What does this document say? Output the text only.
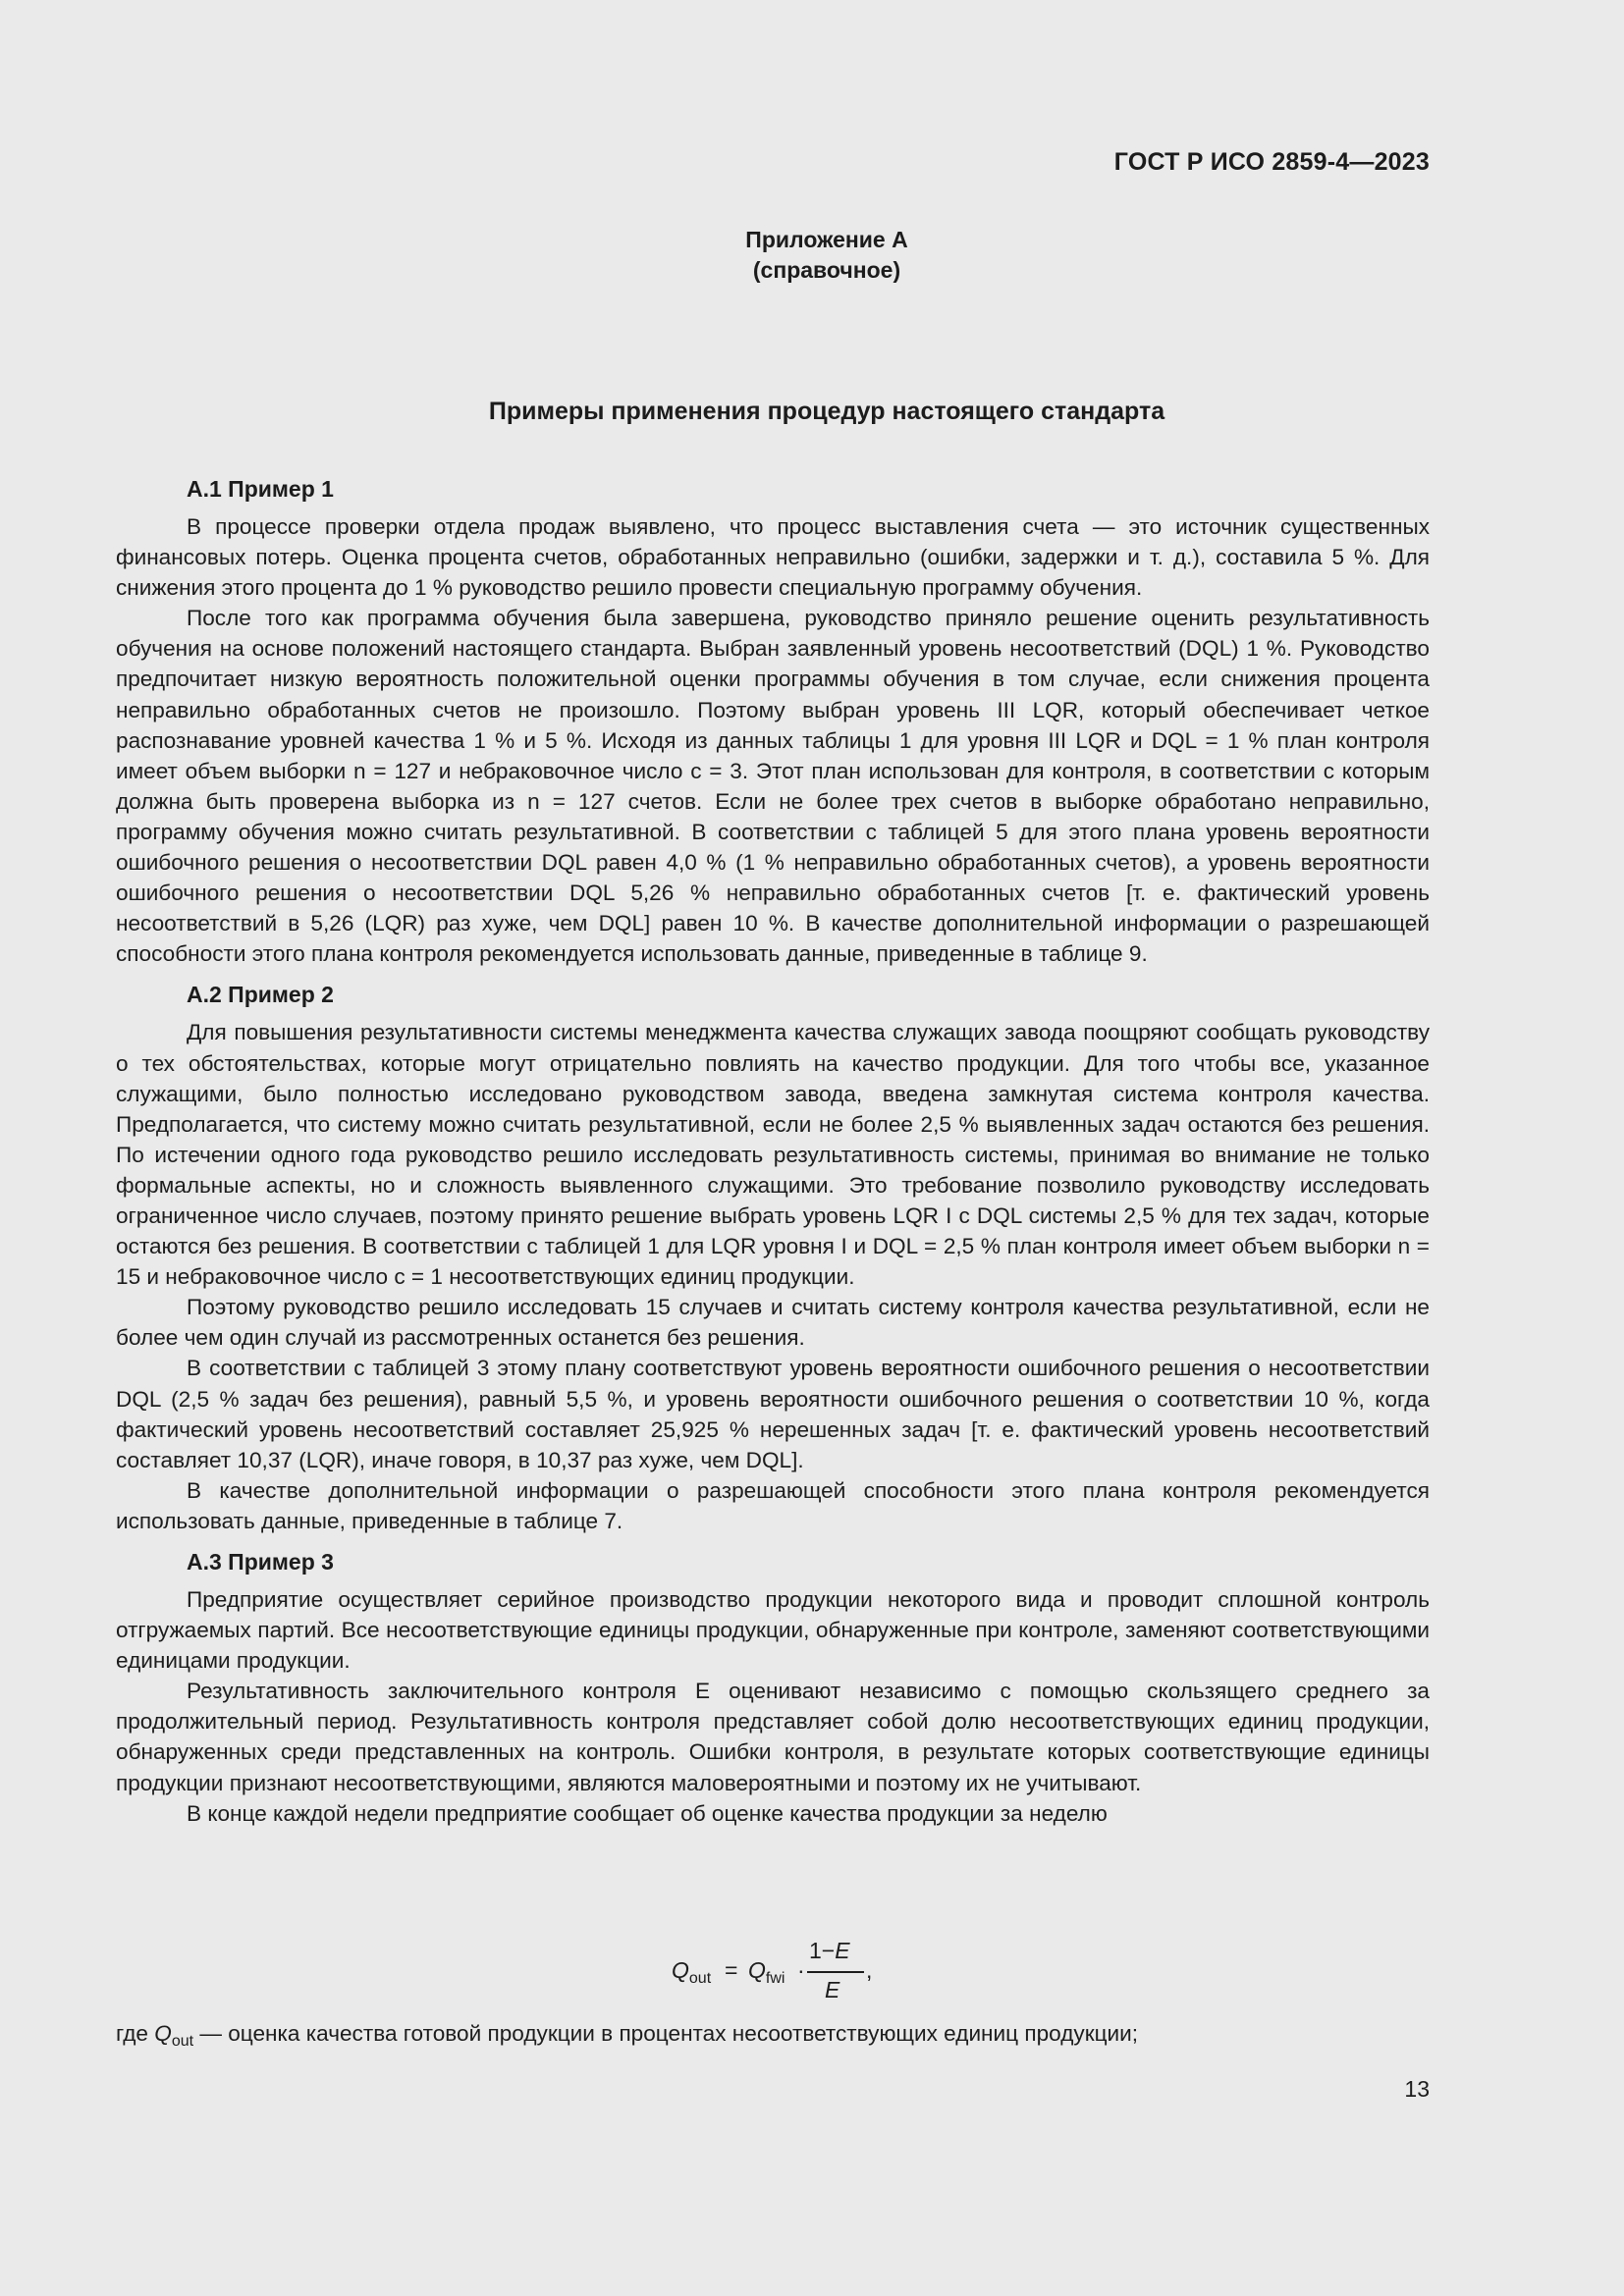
ГОСТ Р ИСО 2859-4—2023
Приложение А
(справочное)
Примеры применения процедур настоящего стандарта
А.1 Пример 1

В процессе проверки отдела продаж выявлено, что процесс выставления счета — это источник существенных финансовых потерь. Оценка процента счетов, обработанных неправильно (ошибки, задержки и т. д.), составила 5 %. Для снижения этого процента до 1 % руководство решило провести специальную программу обучения.

После того как программа обучения была завершена, руководство приняло решение оценить результативность обучения на основе положений настоящего стандарта. Выбран заявленный уровень несоответствий (DQL) 1 %. Руководство предпочитает низкую вероятность положительной оценки программы обучения в том случае, если снижения процента неправильно обработанных счетов не произошло. Поэтому выбран уровень III LQR, который обеспечивает четкое распознавание уровней качества 1 % и 5 %. Исходя из данных таблицы 1 для уровня III LQR и DQL = 1 % план контроля имеет объем выборки n = 127 и небраковочное число c = 3. Этот план использован для контроля, в соответствии с которым должна быть проверена выборка из n = 127 счетов. Если не более трех счетов в выборке обработано неправильно, программу обучения можно считать результативной. В соответствии с таблицей 5 для этого плана уровень вероятности ошибочного решения о несоответствии DQL равен 4,0 % (1 % неправильно обработанных счетов), а уровень вероятности ошибочного решения о несоответствии DQL 5,26 % неправильно обработанных счетов [т. е. фактический уровень несоответствий в 5,26 (LQR) раз хуже, чем DQL] равен 10 %. В качестве дополнительной информации о разрешающей способности этого плана контроля рекомендуется использовать данные, приведенные в таблице 9.

А.2 Пример 2

Для повышения результативности системы менеджмента качества служащих завода поощряют сообщать руководству о тех обстоятельствах, которые могут отрицательно повлиять на качество продукции. Для того чтобы все, указанное служащими, было полностью исследовано руководством завода, введена замкнутая система контроля качества. Предполагается, что систему можно считать результативной, если не более 2,5 % выявленных задач остаются без решения. По истечении одного года руководство решило исследовать результативность системы, принимая во внимание не только формальные аспекты, но и сложность выявленного служащими. Это требование позволило руководству исследовать ограниченное число случаев, поэтому принято решение выбрать уровень LQR I с DQL системы 2,5 % для тех задач, которые остаются без решения. В соответствии с таблицей 1 для LQR уровня I и DQL = 2,5 % план контроля имеет объем выборки n = 15 и небраковочное число c = 1 несоответствующих единиц продукции.

Поэтому руководство решило исследовать 15 случаев и считать систему контроля качества результативной, если не более чем один случай из рассмотренных останется без решения.

В соответствии с таблицей 3 этому плану соответствуют уровень вероятности ошибочного решения о несоответствии DQL (2,5 % задач без решения), равный 5,5 %, и уровень вероятности ошибочного решения о соответствии 10 %, когда фактический уровень несоответствий составляет 25,925 % нерешенных задач [т. е. фактический уровень несоответствий составляет 10,37 (LQR), иначе говоря, в 10,37 раз хуже, чем DQL].

В качестве дополнительной информации о разрешающей способности этого плана контроля рекомендуется использовать данные, приведенные в таблице 7.

А.3 Пример 3

Предприятие осуществляет серийное производство продукции некоторого вида и проводит сплошной контроль отгружаемых партий. Все несоответствующие единицы продукции, обнаруженные при контроле, заменяют соответствующими единицами продукции.

Результативность заключительного контроля E оценивают независимо с помощью скользящего среднего за продолжительный период. Результативность контроля представляет собой долю несоответствующих единиц продукции, обнаруженных среди представленных на контроль. Ошибки контроля, в результате которых соответствующие единицы продукции признают несоответствующими, являются маловероятными и поэтому их не учитывают.

В конце каждой недели предприятие сообщает об оценке качества продукции за неделю

$Q_{out} = Q_{fwi}$ ·
1−E
E
,
где $Q_{out}$ — оценка качества готовой продукции в процентах несоответствующих единиц продукции;
13
